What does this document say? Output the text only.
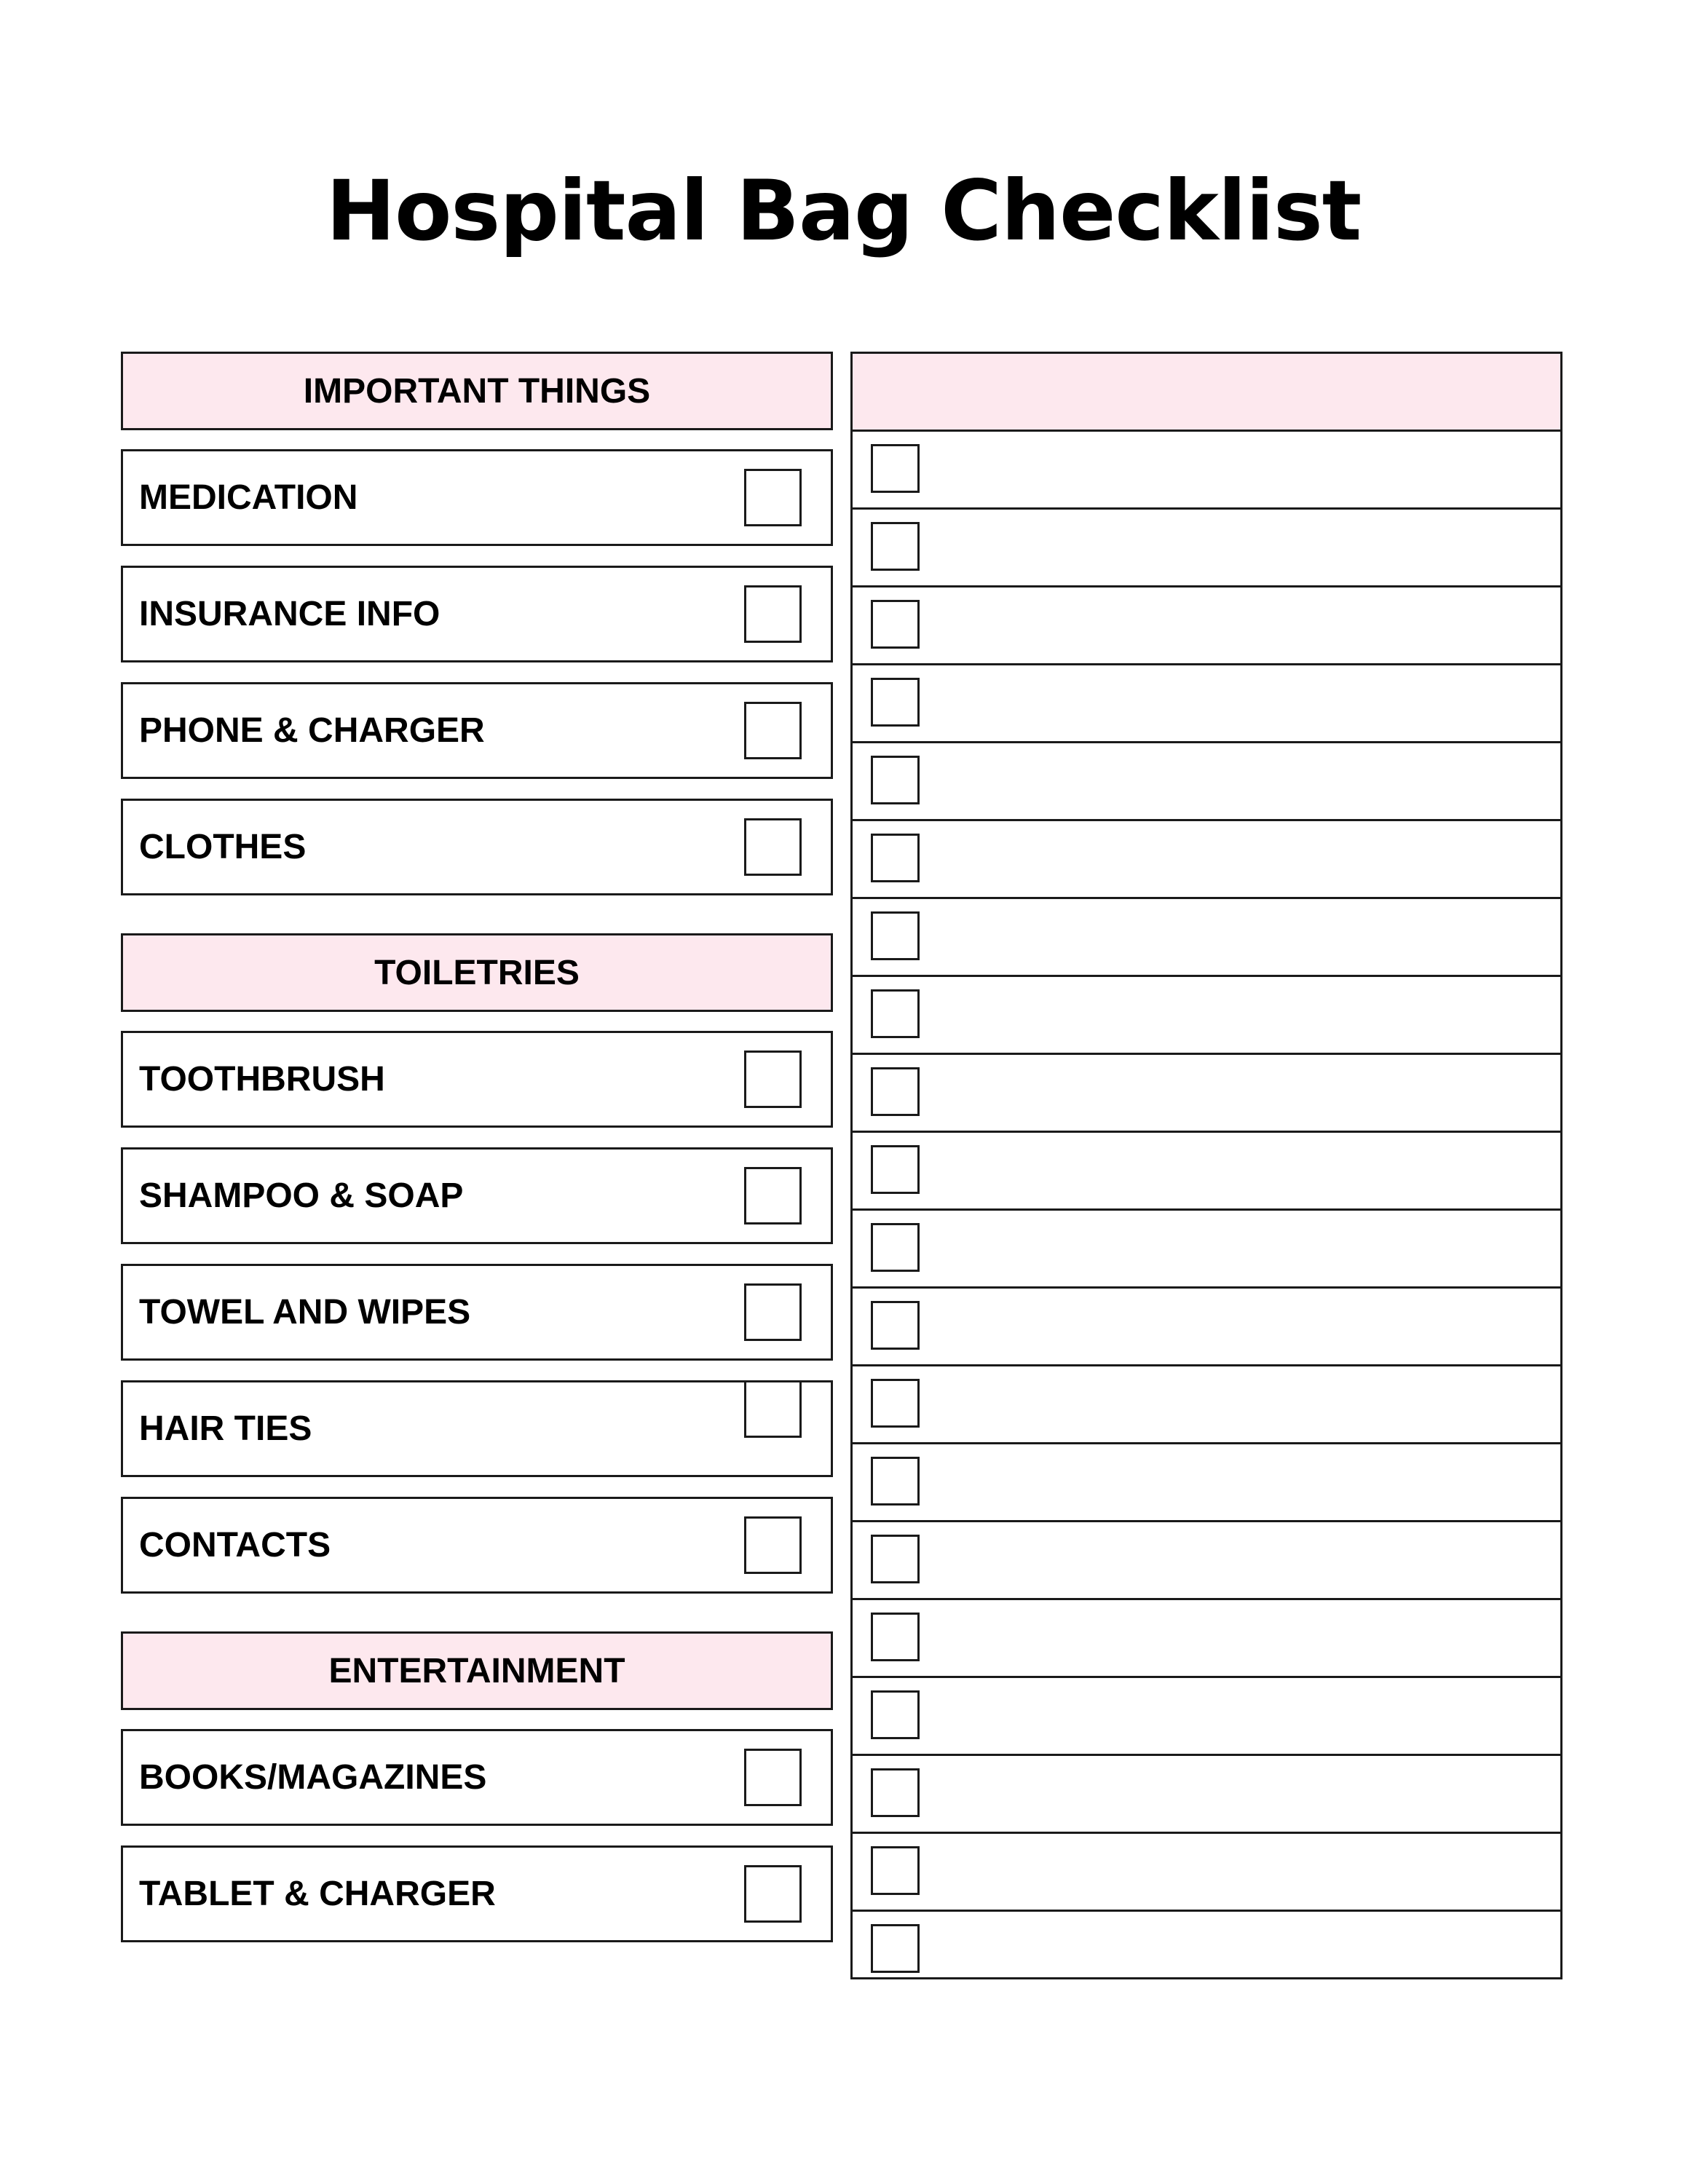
Hospital Bag Checklist
IMPORTANT THINGS
MEDICATION
INSURANCE INFO
PHONE & CHARGER
CLOTHES
TOILETRIES
TOOTHBRUSH
SHAMPOO & SOAP
TOWEL AND WIPES
HAIR TIES
CONTACTS
ENTERTAINMENT
BOOKS/MAGAZINES
TABLET & CHARGER
